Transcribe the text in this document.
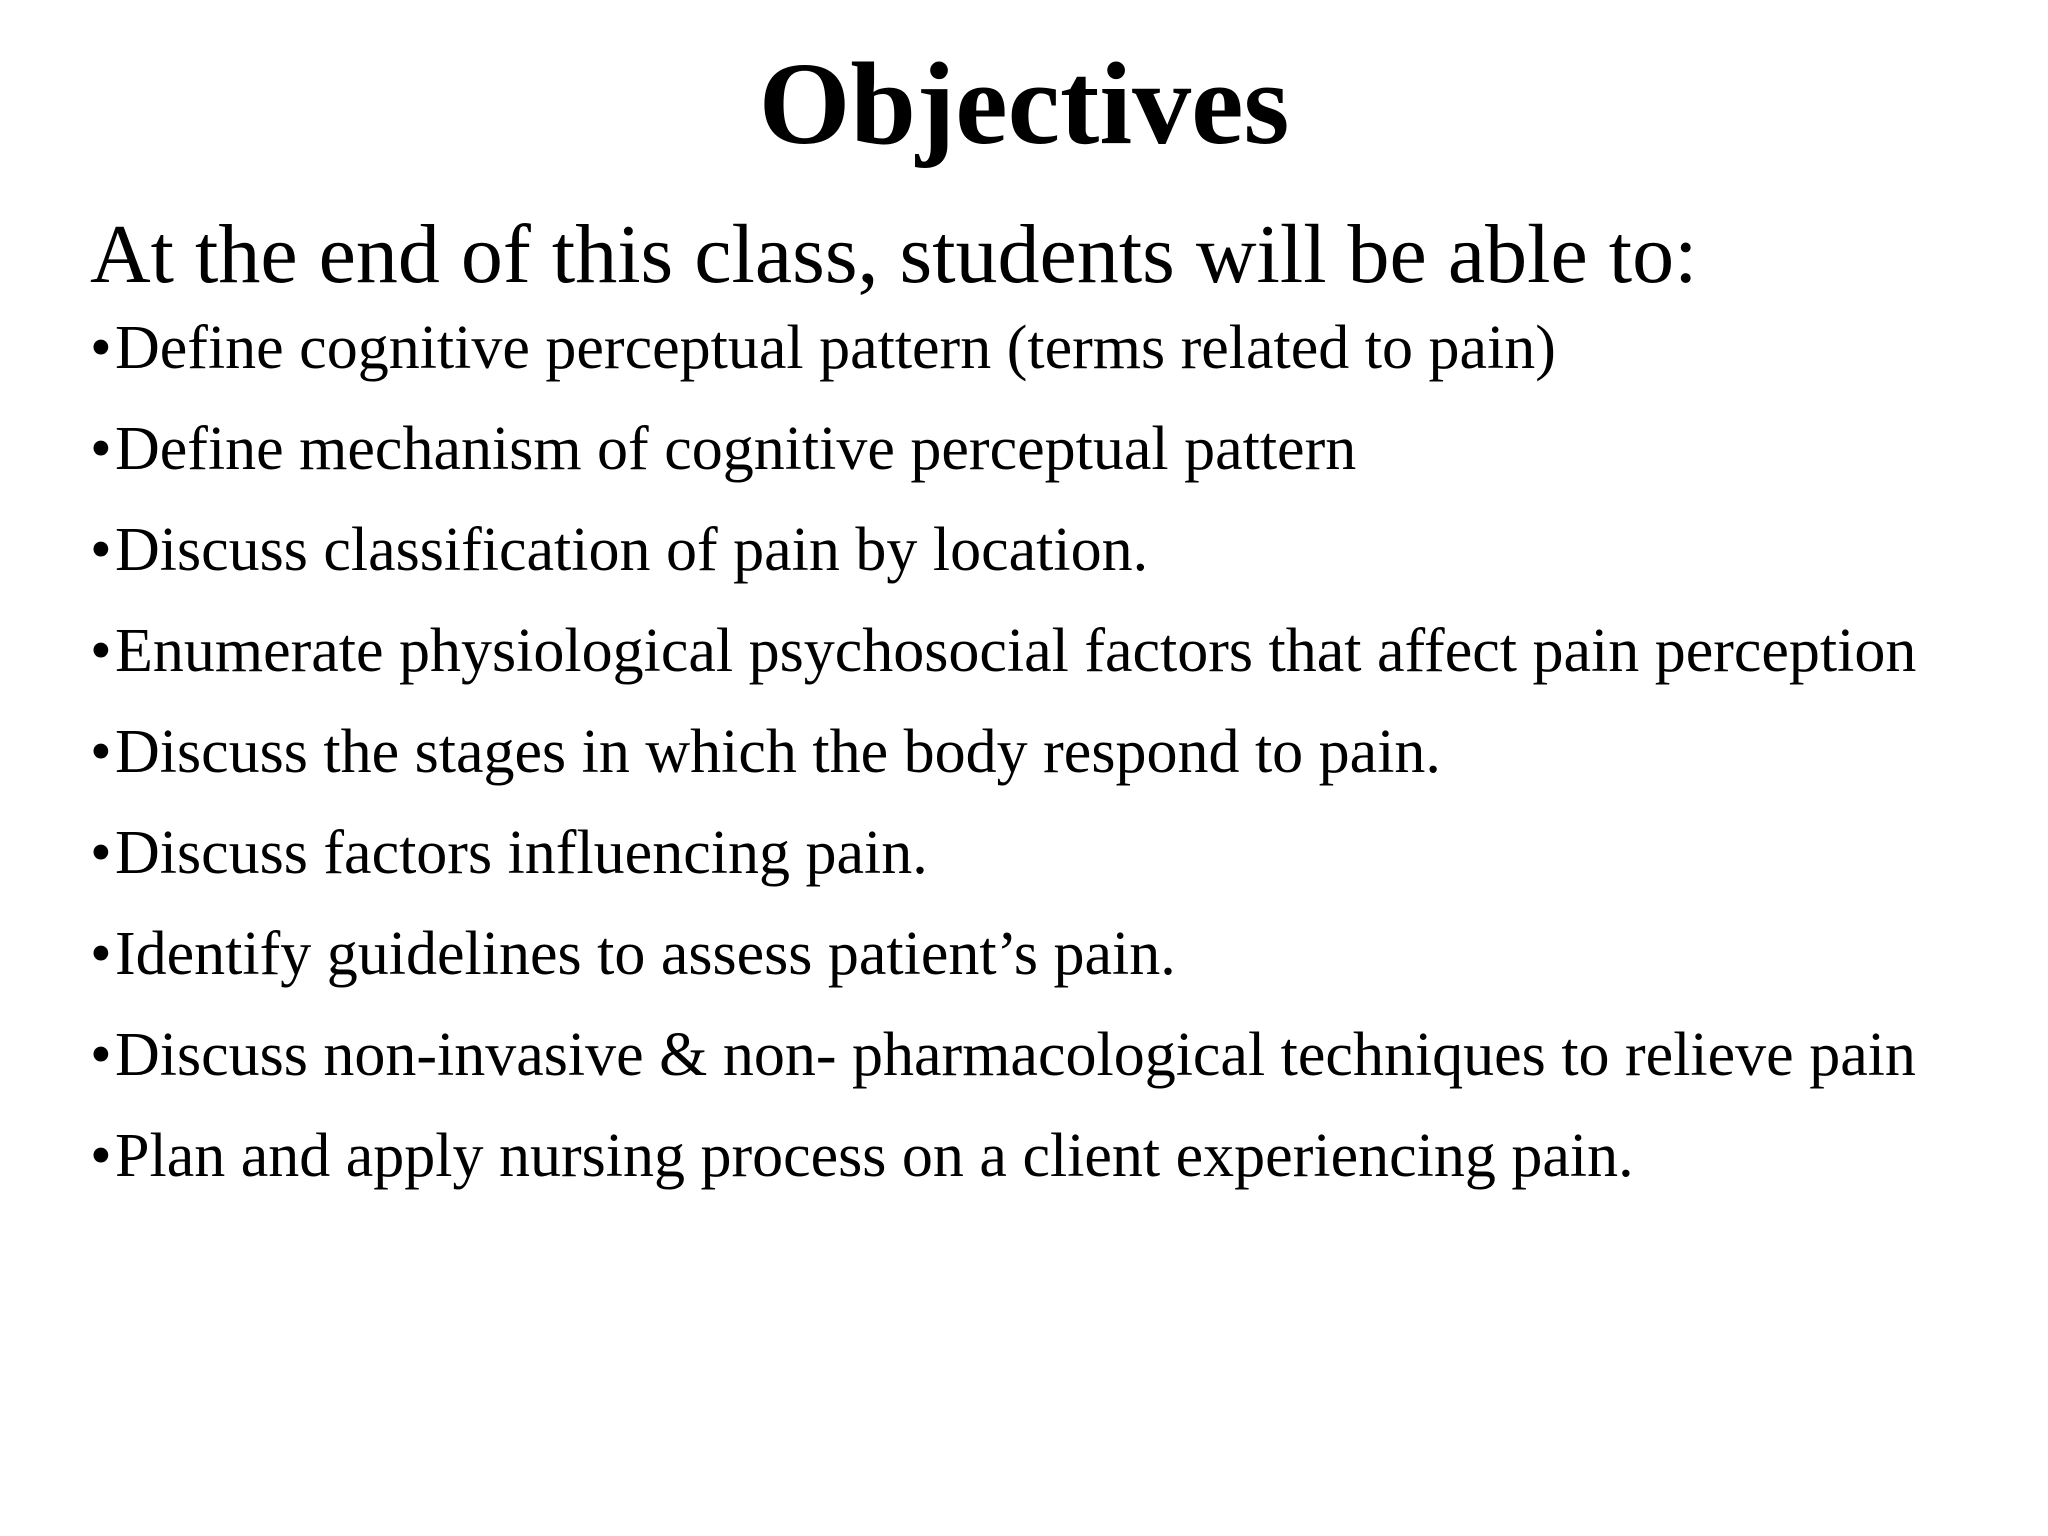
Objectives

At the end of this class, students will be able to:

• Define cognitive perceptual pattern (terms related to pain)
• Define mechanism of cognitive perceptual pattern
• Discuss classification of pain by location.
• Enumerate physiological psychosocial factors that affect pain perception
• Discuss the stages in which the body respond to pain.
• Discuss factors influencing pain.
• Identify guidelines to assess patient’s pain.
• Discuss non-invasive & non- pharmacological techniques to relieve pain
• Plan and apply nursing process on a client experiencing pain.
